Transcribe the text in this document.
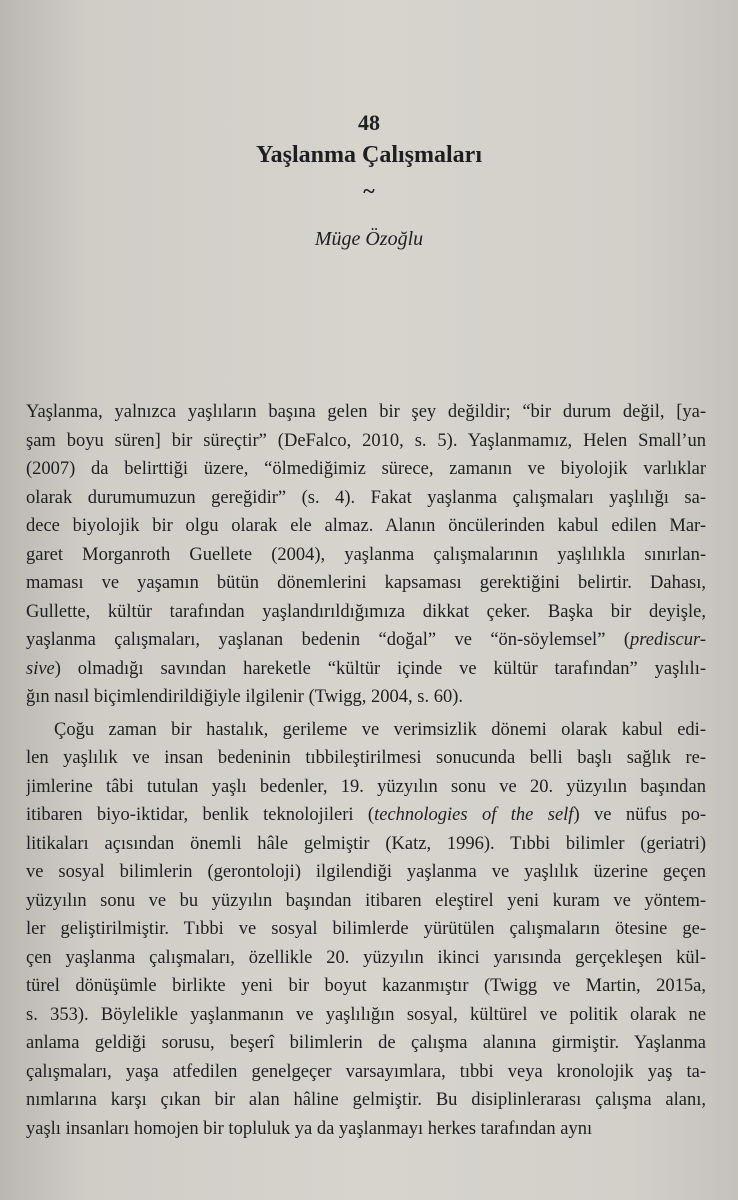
48
Yaşlanma Çalışmaları
~
Müge Özoğlu
Yaşlanma, yalnızca yaşlıların başına gelen bir şey değildir; “bir durum değil, [ya-
şam boyu süren] bir süreçtir” (DeFalco, 2010, s. 5). Yaşlanmamız, Helen Small’un
(2007) da belirttiği üzere, “ölmediğimiz sürece, zamanın ve biyolojik varlıklar
olarak durumumuzun gereğidir” (s. 4). Fakat yaşlanma çalışmaları yaşlılığı sa-
dece biyolojik bir olgu olarak ele almaz. Alanın öncülerinden kabul edilen Mar-
garet Morganroth Guellete (2004), yaşlanma çalışmalarının yaşlılıkla sınırlan-
maması ve yaşamın bütün dönemlerini kapsaması gerektiğini belirtir. Dahası,
Gullette, kültür tarafından yaşlandırıldığımıza dikkat çeker. Başka bir deyişle,
yaşlanma çalışmaları, yaşlanan bedenin “doğal” ve “ön-söylemsel” (prediscur-
sive) olmadığı savından hareketle “kültür içinde ve kültür tarafından” yaşlılı-
ğın nasıl biçimlendirildiğiyle ilgilenir (Twigg, 2004, s. 60).
Çoğu zaman bir hastalık, gerileme ve verimsizlik dönemi olarak kabul edi-
len yaşlılık ve insan bedeninin tıbbileştirilmesi sonucunda belli başlı sağlık re-
jimlerine tâbi tutulan yaşlı bedenler, 19. yüzyılın sonu ve 20. yüzyılın başından
itibaren biyo-iktidar, benlik teknolojileri (technologies of the self) ve nüfus po-
litikaları açısından önemli hâle gelmiştir (Katz, 1996). Tıbbi bilimler (geriatri)
ve sosyal bilimlerin (gerontoloji) ilgilendiği yaşlanma ve yaşlılık üzerine geçen
yüzyılın sonu ve bu yüzyılın başından itibaren eleştirel yeni kuram ve yöntem-
ler geliştirilmiştir. Tıbbi ve sosyal bilimlerde yürütülen çalışmaların ötesine ge-
çen yaşlanma çalışmaları, özellikle 20. yüzyılın ikinci yarısında gerçekleşen kül-
türel dönüşümle birlikte yeni bir boyut kazanmıştır (Twigg ve Martin, 2015a,
s. 353). Böylelikle yaşlanmanın ve yaşlılığın sosyal, kültürel ve politik olarak ne
anlama geldiği sorusu, beşerî bilimlerin de çalışma alanına girmiştir. Yaşlanma
çalışmaları, yaşa atfedilen genelgeçer varsayımlara, tıbbi veya kronolojik yaş ta-
nımlarına karşı çıkan bir alan hâline gelmiştir. Bu disiplinlerarası çalışma alanı,
yaşlı insanları homojen bir topluluk ya da yaşlanmayı herkes tarafından aynı
